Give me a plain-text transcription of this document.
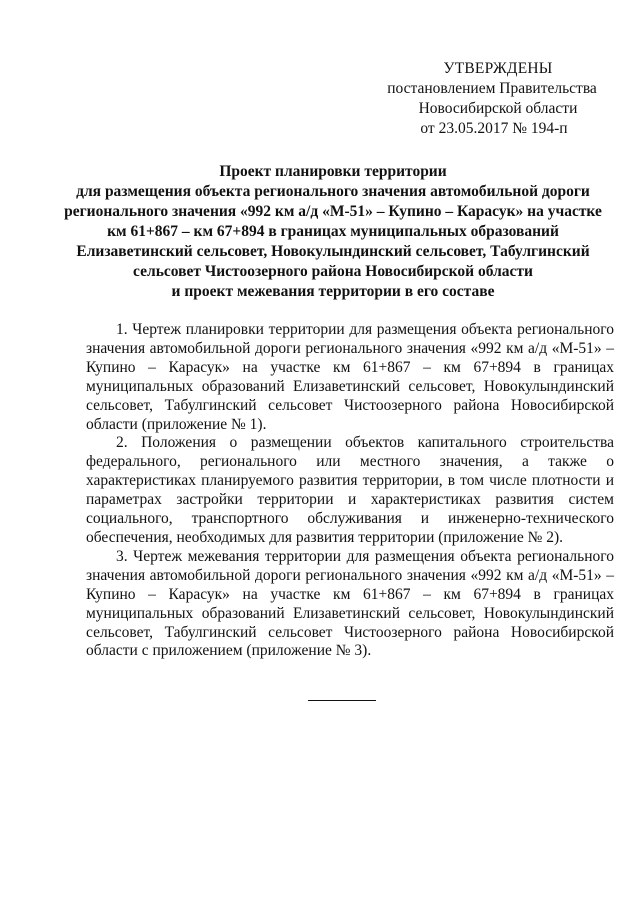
УТВЕРЖДЕНЫ
постановлением Правительства
Новосибирской области
от 23.05.2017 № 194-п
Проект планировки территории
для размещения объекта регионального значения автомобильной дороги
регионального значения «992 км а/д «М-51» – Купино – Карасук» на участке
км 61+867 – км 67+894 в границах муниципальных образований
Елизаветинский сельсовет, Новокулындинский сельсовет, Табулгинский
сельсовет Чистоозерного района Новосибирской области
и проект межевания территории в его составе

1. Чертеж планировки территории для размещения объекта регионального значения автомобильной дороги регионального значения «992 км а/д «М-51» – Купино – Карасук» на участке км 61+867 – км 67+894 в границах муниципальных образований Елизаветинский сельсовет, Новокулындинский сельсовет, Табулгинский сельсовет Чистоозерного района Новосибирской области (приложение № 1).

2. Положения о размещении объектов капитального строительства федерального, регионального или местного значения, а также о характеристиках планируемого развития территории, в том числе плотности и параметрах застройки территории и характеристиках развития систем социального, транспортного обслуживания и инженерно-технического обеспечения, необходимых для развития территории (приложение № 2).

3. Чертеж межевания территории для размещения объекта регионального значения автомобильной дороги регионального значения «992 км а/д «М-51» – Купино – Карасук» на участке км 61+867 – км 67+894 в границах муниципальных образований Елизаветинский сельсовет, Новокулындинский сельсовет, Табулгинский сельсовет Чистоозерного района Новосибирской области с приложением (приложение № 3).
